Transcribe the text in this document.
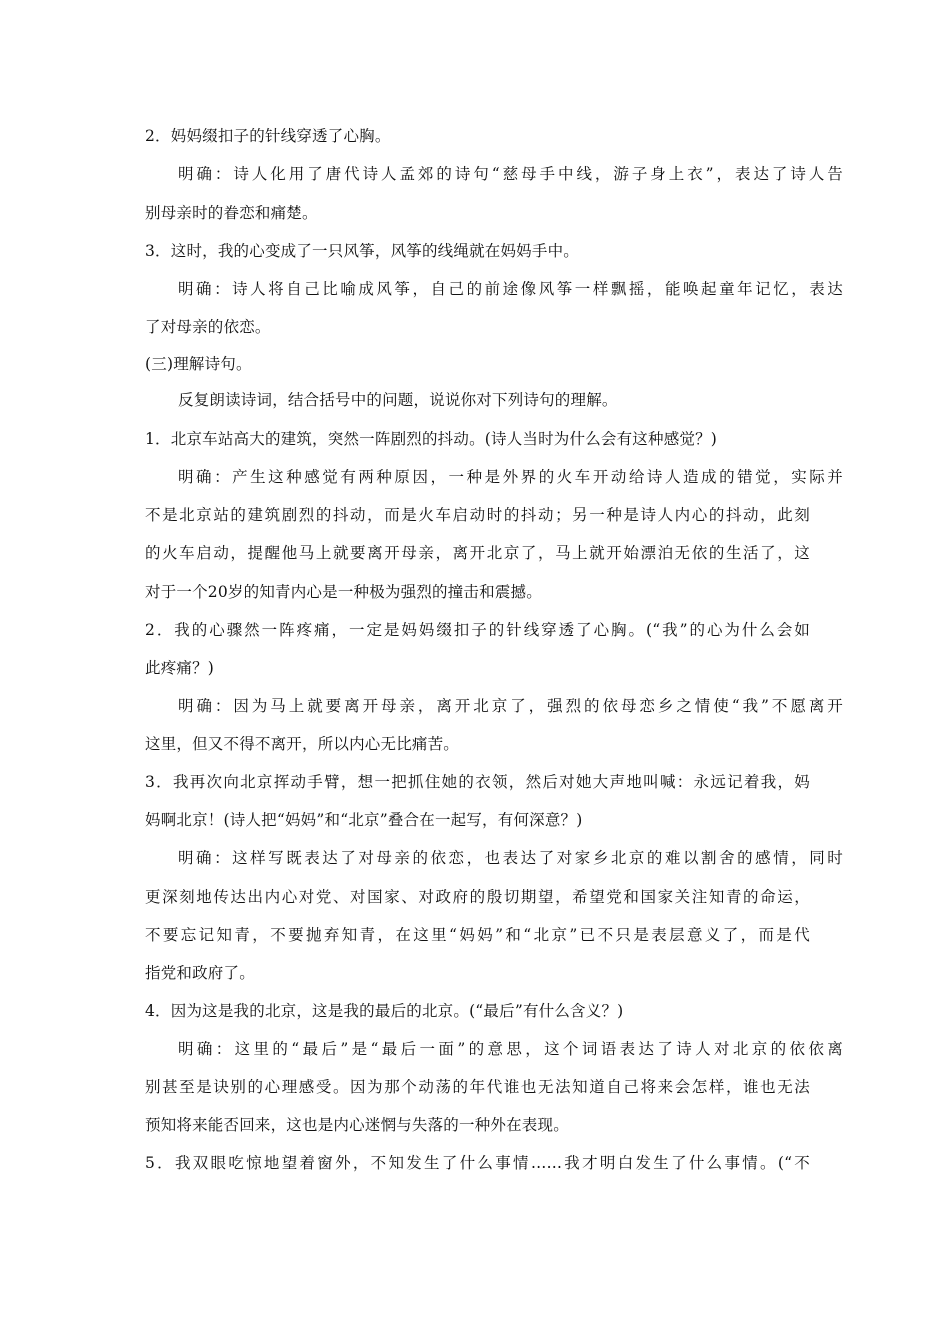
2．妈妈缀扣子的针线穿透了心胸。
明确：诗人化用了唐代诗人孟郊的诗句“慈母手中线，游子身上衣”，表达了诗人告
别母亲时的眷恋和痛楚。
3．这时，我的心变成了一只风筝，风筝的线绳就在妈妈手中。
明确：诗人将自己比喻成风筝，自己的前途像风筝一样飘摇，能唤起童年记忆，表达
了对母亲的依恋。
(三)理解诗句。
反复朗读诗词，结合括号中的问题，说说你对下列诗句的理解。
1．北京车站高大的建筑，突然一阵剧烈的抖动。(诗人当时为什么会有这种感觉？)
明确：产生这种感觉有两种原因，一种是外界的火车开动给诗人造成的错觉，实际并
不是北京站的建筑剧烈的抖动，而是火车启动时的抖动；另一种是诗人内心的抖动，此刻
的火车启动，提醒他马上就要离开母亲，离开北京了，马上就开始漂泊无依的生活了，这
对于一个20岁的知青内心是一种极为强烈的撞击和震撼。
2．我的心骤然一阵疼痛，一定是妈妈缀扣子的针线穿透了心胸。(“我”的心为什么会如
此疼痛？)
明确：因为马上就要离开母亲，离开北京了，强烈的依母恋乡之情使“我”不愿离开
这里，但又不得不离开，所以内心无比痛苦。
3．我再次向北京挥动手臂，想一把抓住她的衣领，然后对她大声地叫喊：永远记着我，妈
妈啊北京！(诗人把“妈妈”和“北京”叠合在一起写，有何深意？)
明确：这样写既表达了对母亲的依恋，也表达了对家乡北京的难以割舍的感情，同时
更深刻地传达出内心对党、对国家、对政府的殷切期望，希望党和国家关注知青的命运，
不要忘记知青，不要抛弃知青，在这里“妈妈”和“北京”已不只是表层意义了，而是代
指党和政府了。
4．因为这是我的北京，这是我的最后的北京。(“最后”有什么含义？)
明确：这里的“最后”是“最后一面”的意思，这个词语表达了诗人对北京的依依离
别甚至是诀别的心理感受。因为那个动荡的年代谁也无法知道自己将来会怎样，谁也无法
预知将来能否回来，这也是内心迷惘与失落的一种外在表现。
5．我双眼吃惊地望着窗外，不知发生了什么事情……我才明白发生了什么事情。(“不
